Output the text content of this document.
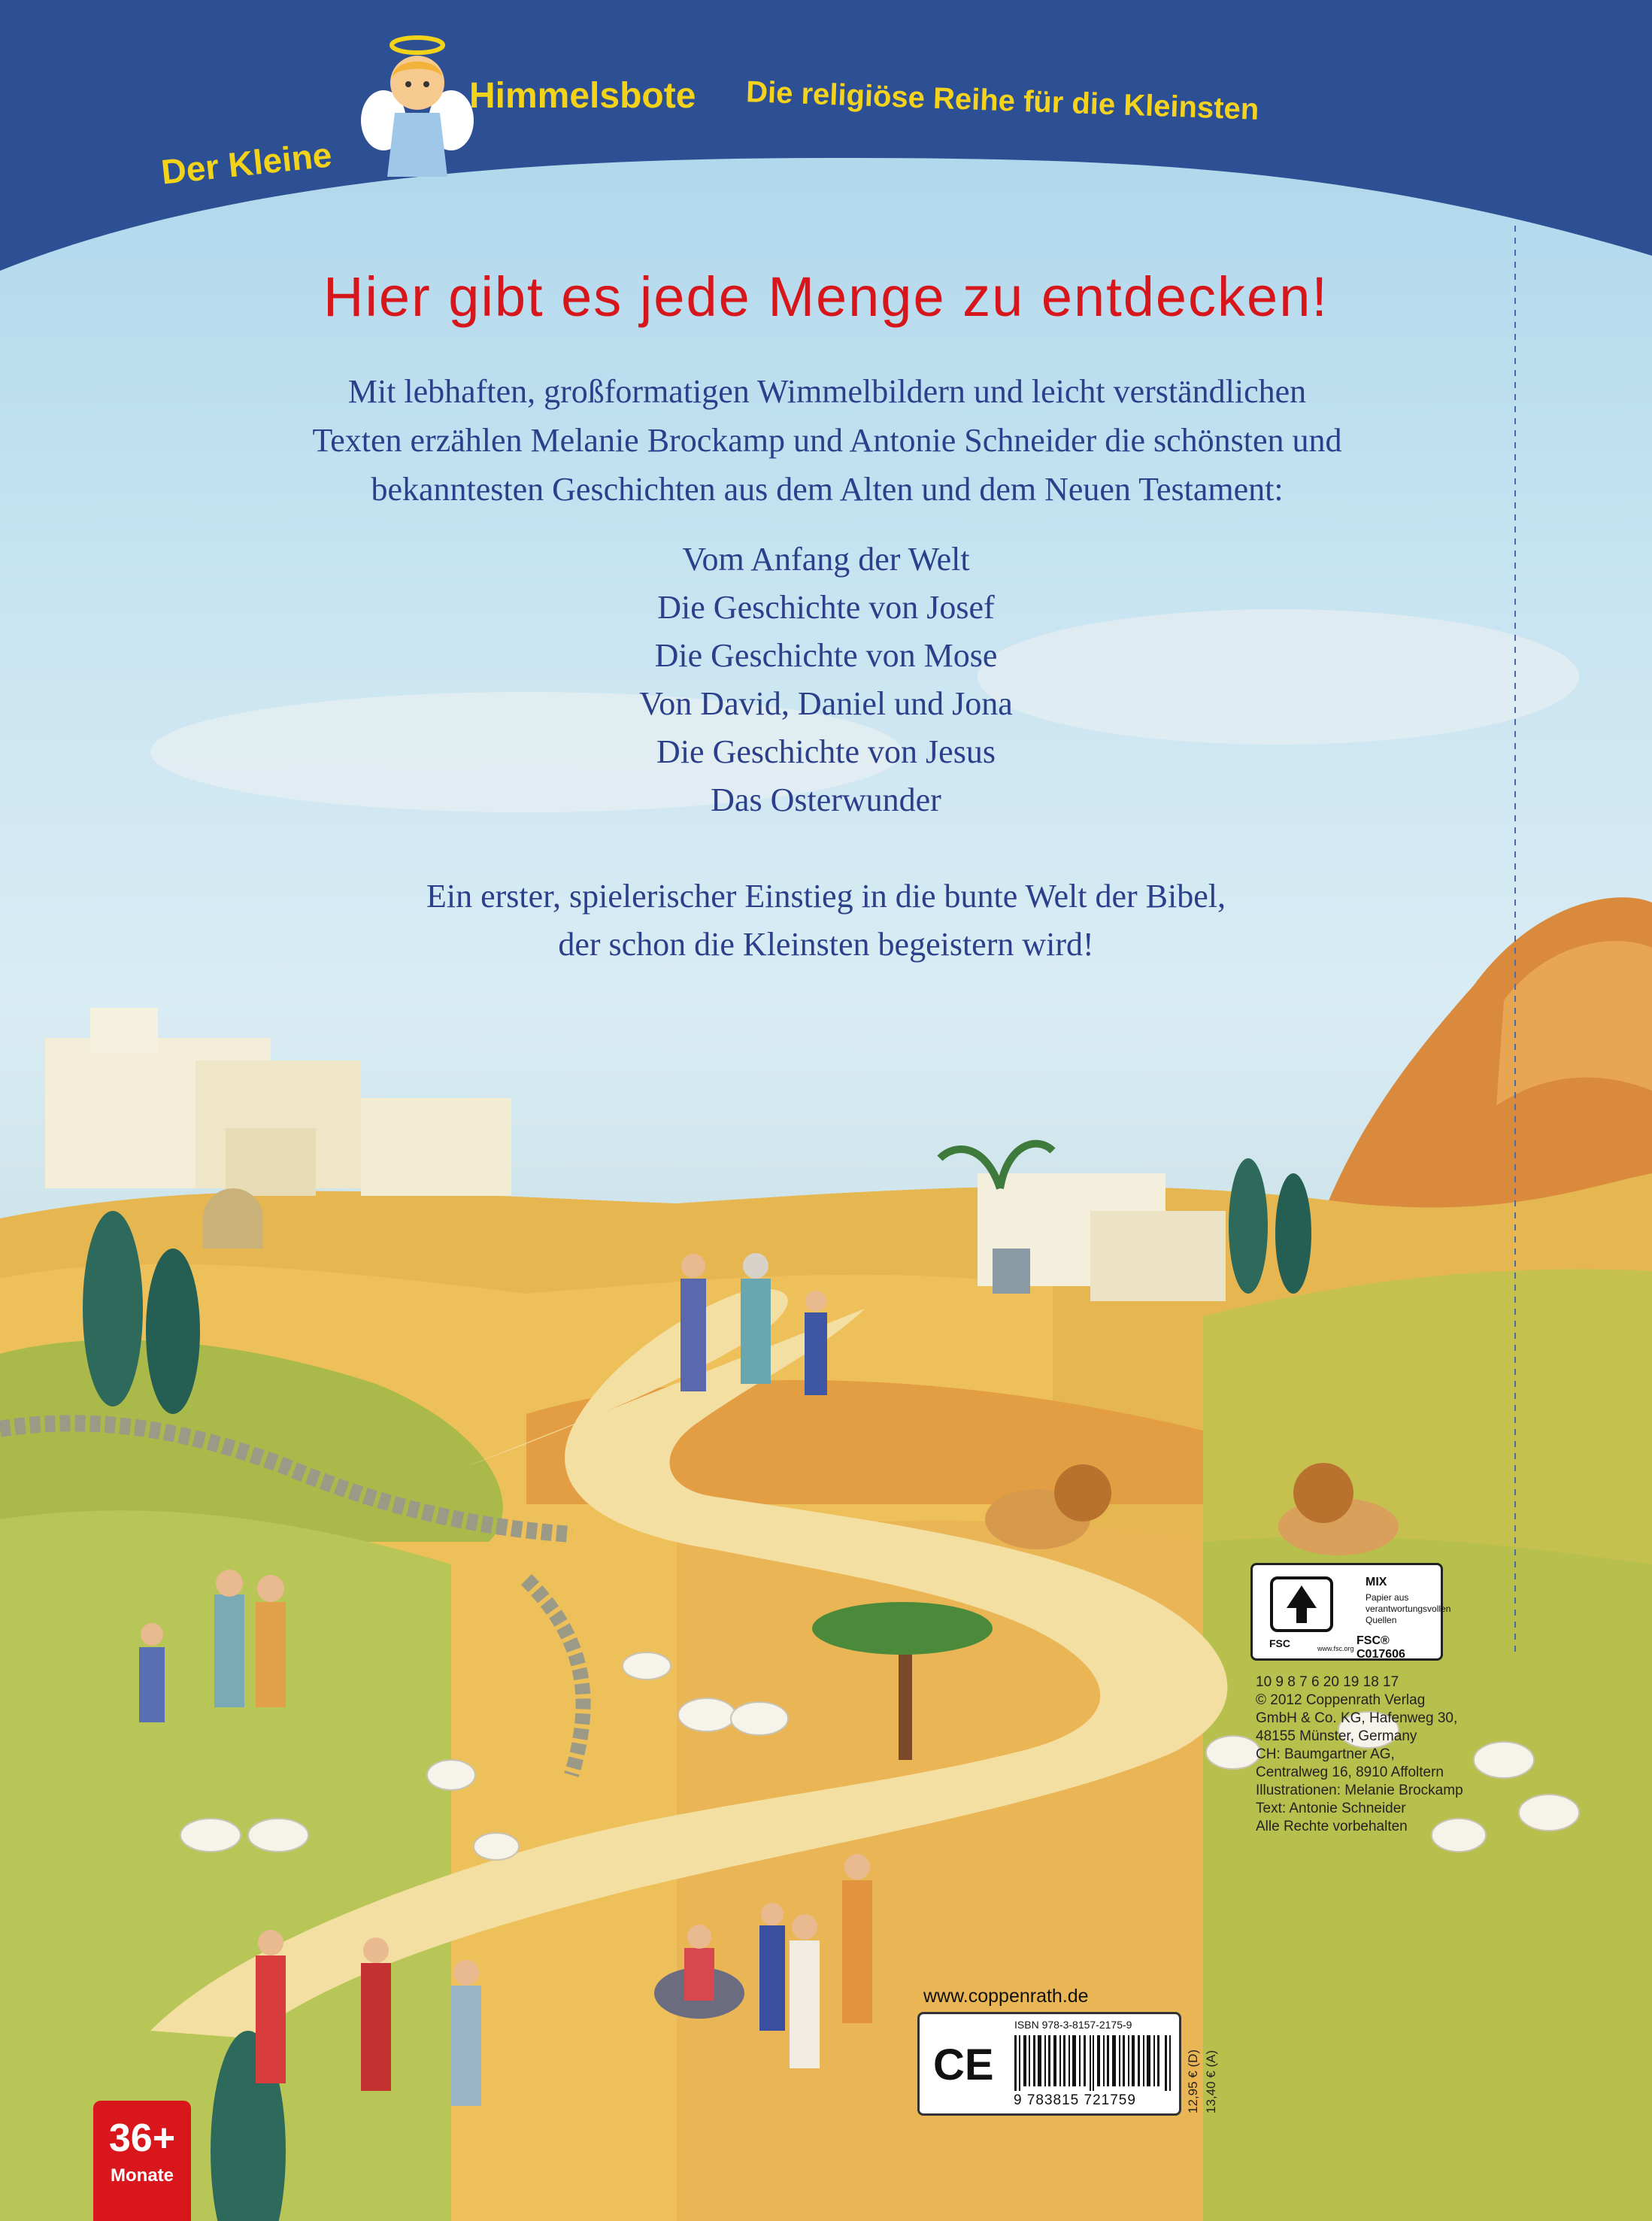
Der Kleine
Himmelsbote Die religiöse Reihe für die Kleinsten
Hier gibt es jede Menge zu entdecken!
Mit lebhaften, großformatigen Wimmelbildern und leicht verständlichen
Texten erzählen Melanie Brockamp und Antonie Schneider die schönsten und
bekanntesten Geschichten aus dem Alten und dem Neuen Testament:
Vom Anfang der Welt
Die Geschichte von Josef
Die Geschichte von Mose
Von David, Daniel und Jona
Die Geschichte von Jesus
Das Osterwunder
Ein erster, spielerischer Einstieg in die bunte Welt der Bibel,
der schon die Kleinsten begeistern wird!
FSC	www.fsc.org
MIX
Papier aus verantwortungsvollen Quellen
FSC® C017606
10 9 8 7 6 20 19 18 17
© 2012 Coppenrath Verlag
GmbH & Co. KG, Hafenweg 30,
48155 Münster, Germany
CH: Baumgartner AG,
Centralweg 16, 8910 Affoltern
Illustrationen: Melanie Brockamp
Text: Antonie Schneider
Alle Rechte vorbehalten
www.coppenrath.de
CE
ISBN 978-3-8157-2175-9
9 783815 721759	12,95 € (D) 13,40 € (A)
36+
Monate
